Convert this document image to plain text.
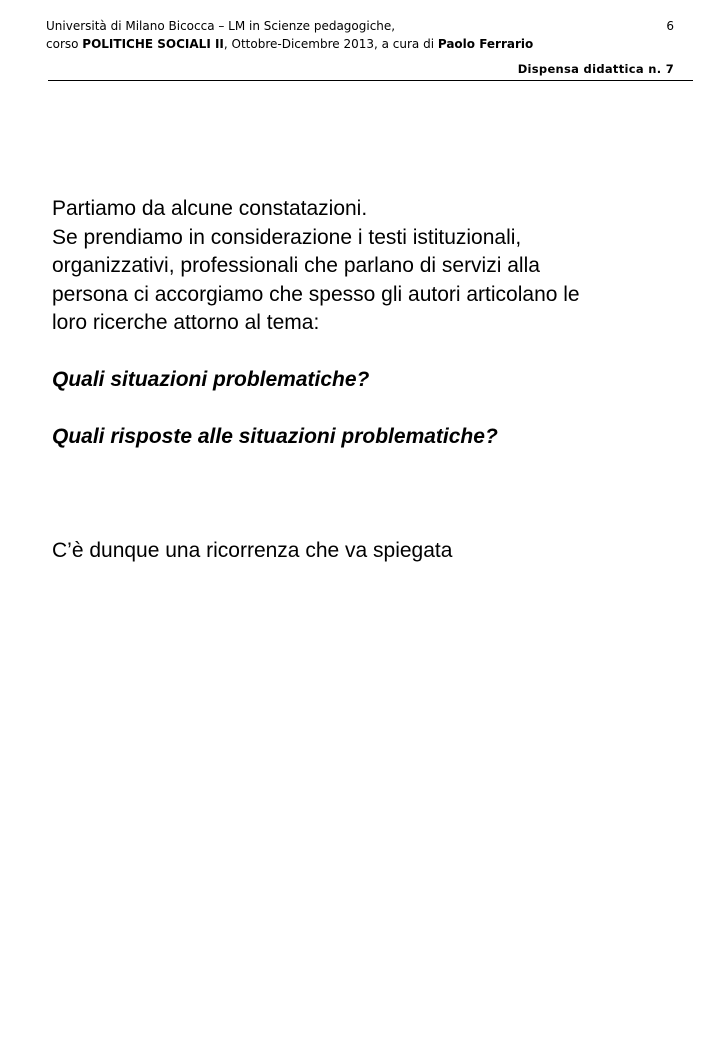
Università di Milano Bicocca – LM in Scienze pedagogiche,
corso POLITICHE SOCIALI II, Ottobre-Dicembre 2013, a cura di Paolo Ferrario
6
Dispensa didattica n. 7
Partiamo da alcune constatazioni.
Se prendiamo in considerazione i testi istituzionali,
organizzativi, professionali che parlano di servizi alla
persona ci accorgiamo che spesso gli autori articolano le
loro ricerche attorno al tema:
Quali situazioni problematiche?
Quali risposte alle situazioni problematiche?
C’è dunque una ricorrenza che va spiegata
